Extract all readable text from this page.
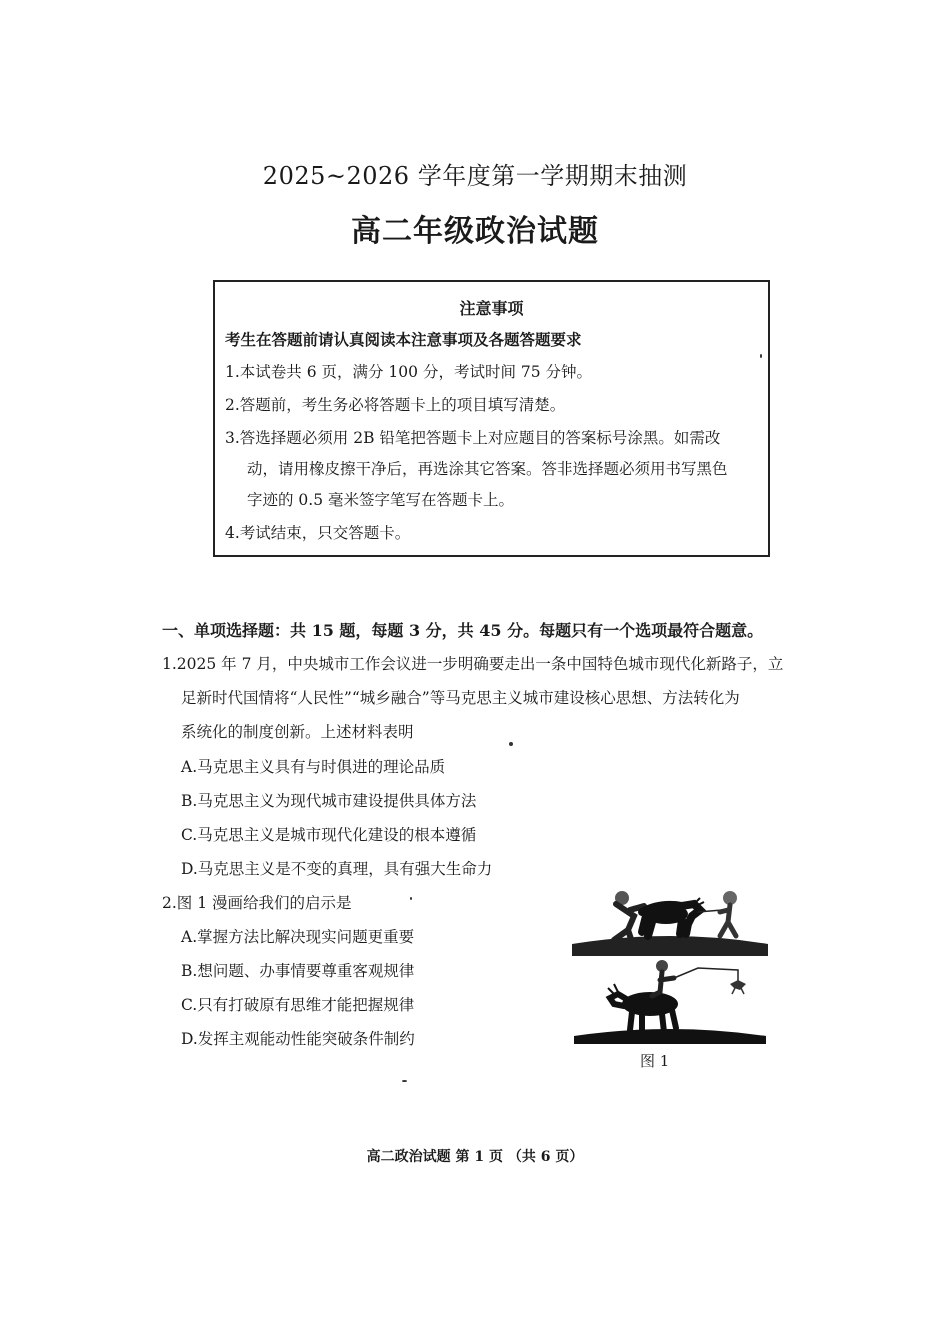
2025~2026 学年度第一学期期末抽测
高二年级政治试题
注意事项
考生在答题前请认真阅读本注意事项及各题答题要求
1.本试卷共 6 页，满分 100 分，考试时间 75 分钟。
2.答题前，考生务必将答题卡上的项目填写清楚。
3.答选择题必须用 2B 铅笔把答题卡上对应题目的答案标号涂黑。如需改
动，请用橡皮擦干净后，再选涂其它答案。答非选择题必须用书写黑色
字迹的 0.5 毫米签字笔写在答题卡上。
4.考试结束，只交答题卡。
一、单项选择题：共 15 题，每题 3 分，共 45 分。每题只有一个选项最符合题意。
1.2025 年 7 月，中央城市工作会议进一步明确要走出一条中国特色城市现代化新路子，立
足新时代国情将“人民性”“城乡融合”等马克思主义城市建设核心思想、方法转化为
系统化的制度创新。上述材料表明
A.马克思主义具有与时俱进的理论品质
B.马克思主义为现代城市建设提供具体方法
C.马克思主义是城市现代化建设的根本遵循
D.马克思主义是不变的真理，具有强大生命力
2.图 1 漫画给我们的启示是
A.掌握方法比解决现实问题更重要
B.想问题、办事情要尊重客观规律
C.只有打破原有思维才能把握规律
D.发挥主观能动性能突破条件制约
图 1
高二政治试题 第 1 页 （共 6 页）
